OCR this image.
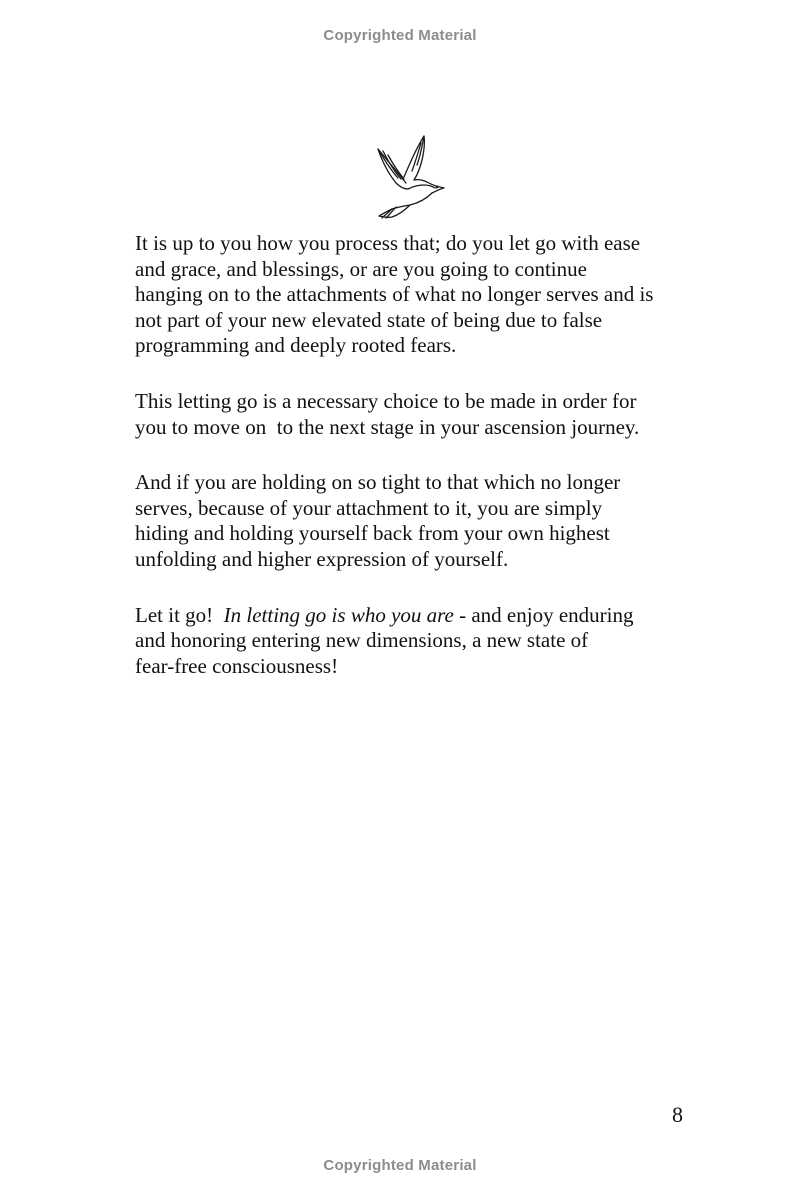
Copyrighted Material
It is up to you how you process that; do you let go with ease
and grace, and blessings, or are you going to continue
hanging on to the attachments of what no longer serves and is
not part of your new elevated state of being due to false
programming and deeply rooted fears.
This letting go is a necessary choice to be made in order for
you to move on  to the next stage in your ascension journey.
And if you are holding on so tight to that which no longer
serves, because of your attachment to it, you are simply
hiding and holding yourself back from your own highest
unfolding and higher expression of yourself.
Let it go!  In letting go is who you are - and enjoy enduring
and honoring entering new dimensions, a new state of
fear-free consciousness!
8
Copyrighted Material
